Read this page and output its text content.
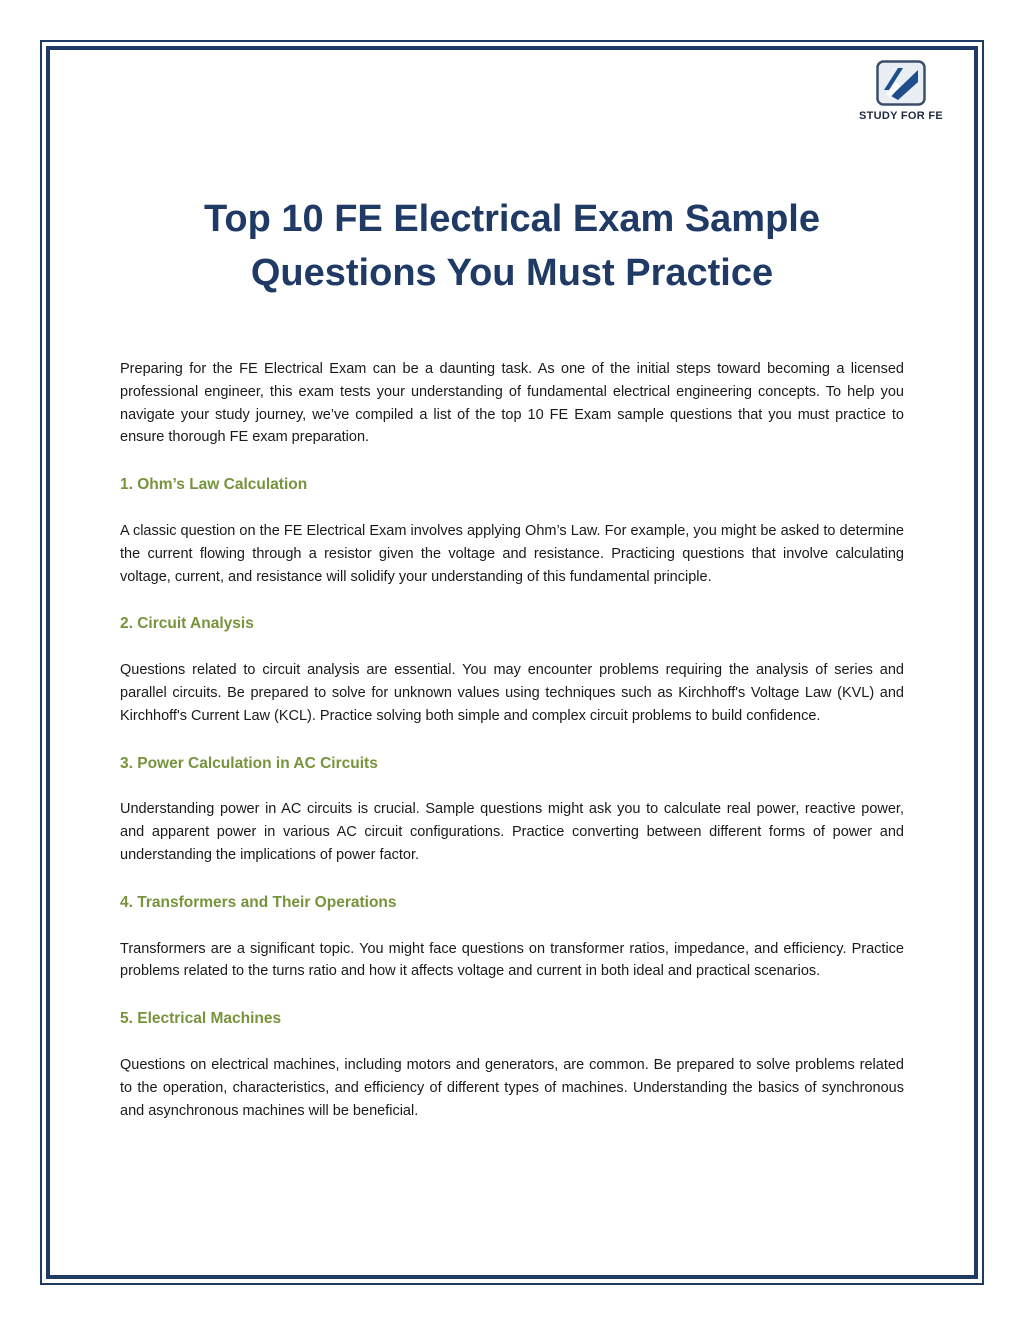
STUDY FOR FE
Top 10 FE Electrical Exam Sample
Questions You Must Practice

Preparing for the FE Electrical Exam can be a daunting task. As one of the initial steps toward becoming a licensed professional engineer, this exam tests your understanding of fundamental electrical engineering concepts. To help you navigate your study journey, we’ve compiled a list of the top 10 FE Exam sample questions that you must practice to ensure thorough FE exam preparation.

1. Ohm’s Law Calculation

A classic question on the FE Electrical Exam involves applying Ohm’s Law. For example, you might be asked to determine the current flowing through a resistor given the voltage and resistance. Practicing questions that involve calculating voltage, current, and resistance will solidify your understanding of this fundamental principle.

2. Circuit Analysis

Questions related to circuit analysis are essential. You may encounter problems requiring the analysis of series and parallel circuits. Be prepared to solve for unknown values using techniques such as Kirchhoff's Voltage Law (KVL) and Kirchhoff's Current Law (KCL). Practice solving both simple and complex circuit problems to build confidence.

3. Power Calculation in AC Circuits

Understanding power in AC circuits is crucial. Sample questions might ask you to calculate real power, reactive power, and apparent power in various AC circuit configurations. Practice converting between different forms of power and understanding the implications of power factor.

4. Transformers and Their Operations

Transformers are a significant topic. You might face questions on transformer ratios, impedance, and efficiency. Practice problems related to the turns ratio and how it affects voltage and current in both ideal and practical scenarios.

5. Electrical Machines

Questions on electrical machines, including motors and generators, are common. Be prepared to solve problems related to the operation, characteristics, and efficiency of different types of machines. Understanding the basics of synchronous and asynchronous machines will be beneficial.
